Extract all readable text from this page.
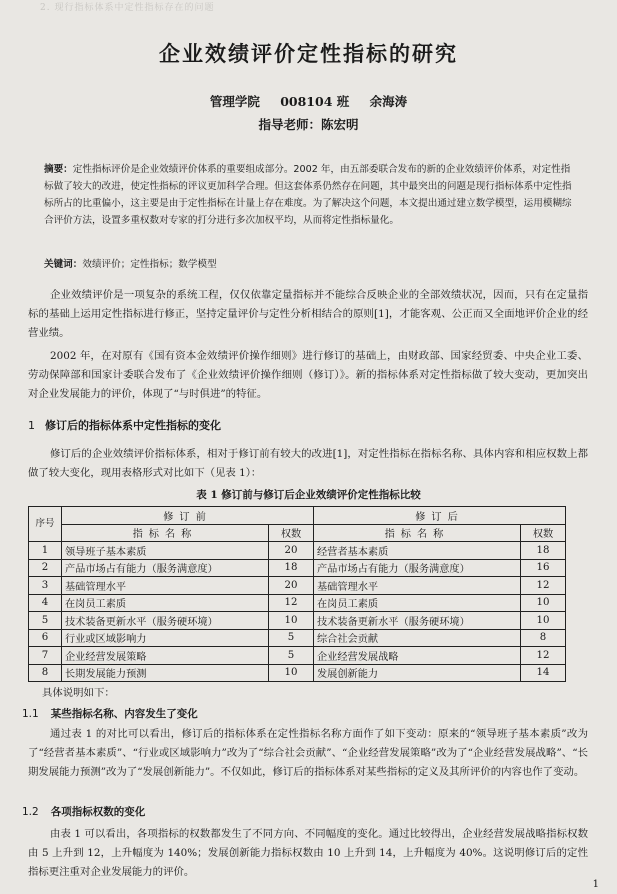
2. 现行指标体系中定性指标存在的问题
企业效绩评价定性指标的研究
管理学院 008104 班 余海涛
指导老师：陈宏明
摘要：定性指标评价是企业效绩评价体系的重要组成部分。2002 年，由五部委联合发布的新的企业效绩评价体系，对定性指标做了较大的改进，使定性指标的评议更加科学合理。但这套体系仍然存在问题，其中最突出的问题是现行指标体系中定性指标所占的比重偏小，这主要是由于定性指标在计量上存在难度。为了解决这个问题，本文提出通过建立数学模型，运用模糊综合评价方法，设置多重权数对专家的打分进行多次加权平均，从而将定性指标量化。
关键词：效绩评价；定性指标；数学模型
企业效绩评价是一项复杂的系统工程，仅仅依靠定量指标并不能综合反映企业的全部效绩状况，因而，只有在定量指标的基础上运用定性指标进行修正，坚持定量评价与定性分析相结合的原则[1]，才能客观、公正而又全面地评价企业的经营业绩。
2002 年，在对原有《国有资本金效绩评价操作细则》进行修订的基础上，由财政部、国家经贸委、中央企业工委、劳动保障部和国家计委联合发布了《企业效绩评价操作细则（修订）》。新的指标体系对定性指标做了较大变动，更加突出对企业发展能力的评价，体现了“与时俱进”的特征。
1 修订后的指标体系中定性指标的变化
修订后的企业效绩评价指标体系，相对于修订前有较大的改进[1]，对定性指标在指标名称、具体内容和相应权数上都做了较大变化，现用表格形式对比如下（见表 1）：
表 1 修订前与修订后企业效绩评价定性指标比较
序号	修订前		修订后	
	指标名称	权数	指标名称	权数
1	领导班子基本素质	20	经营者基本素质	18
2	产品市场占有能力（服务满意度）	18	产品市场占有能力（服务满意度）	16
3	基础管理水平	20	基础管理水平	12
4	在岗员工素质	12	在岗员工素质	10
5	技术装备更新水平（服务硬环境）	10	技术装备更新水平（服务硬环境）	10
6	行业或区域影响力	5	综合社会贡献	8
7	企业经营发展策略	5	企业经营发展战略	12
8	长期发展能力预测	10	发展创新能力	14
具体说明如下：
1.1 某些指标名称、内容发生了变化
通过表 1 的对比可以看出，修订后的指标体系在定性指标名称方面作了如下变动：原来的“领导班子基本素质”改为了“经营者基本素质”、“行业或区域影响力”改为了“综合社会贡献”、“企业经营发展策略”改为了“企业经营发展战略”、“长期发展能力预测”改为了“发展创新能力”。不仅如此，修订后的指标体系对某些指标的定义及其所评价的内容也作了变动。
1.2 各项指标权数的变化
由表 1 可以看出，各项指标的权数都发生了不同方向、不同幅度的变化。通过比较得出，企业经营发展战略指标权数由 5 上升到 12，上升幅度为 140%；发展创新能力指标权数由 10 上升到 14，上升幅度为 40%。这说明修订后的定性指标更注重对企业发展能力的评价。
1
